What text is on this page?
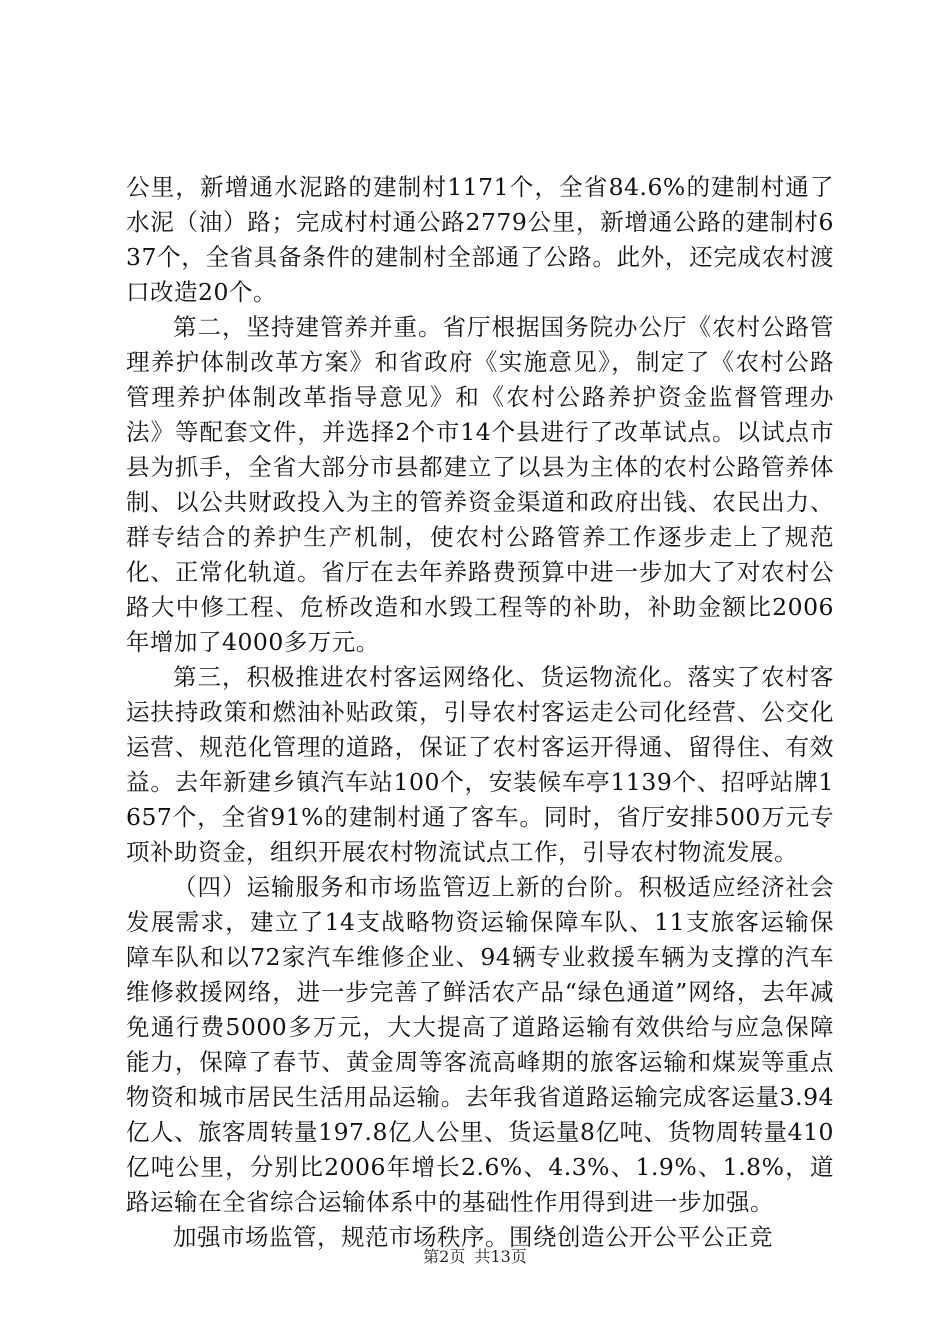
公里，新增通水泥路的建制村1171个，全省84.6%的建制村通了水泥（油）路；完成村村通公路2779公里，新增通公路的建制村637个，全省具备条件的建制村全部通了公路。此外，还完成农村渡口改造20个。

第二，坚持建管养并重。省厅根据国务院办公厅《农村公路管理养护体制改革方案》和省政府《实施意见》，制定了《农村公路管理养护体制改革指导意见》和《农村公路养护资金监督管理办法》等配套文件，并选择2个市14个县进行了改革试点。以试点市县为抓手，全省大部分市县都建立了以县为主体的农村公路管养体制、以公共财政投入为主的管养资金渠道和政府出钱、农民出力、群专结合的养护生产机制，使农村公路管养工作逐步走上了规范化、正常化轨道。省厅在去年养路费预算中进一步加大了对农村公路大中修工程、危桥改造和水毁工程等的补助，补助金额比2006年增加了4000多万元。

第三，积极推进农村客运网络化、货运物流化。落实了农村客运扶持政策和燃油补贴政策，引导农村客运走公司化经营、公交化运营、规范化管理的道路，保证了农村客运开得通、留得住、有效益。去年新建乡镇汽车站100个，安装候车亭1139个、招呼站牌1657个，全省91%的建制村通了客车。同时，省厅安排500万元专项补助资金，组织开展农村物流试点工作，引导农村物流发展。

（四）运输服务和市场监管迈上新的台阶。积极适应经济社会发展需求，建立了14支战略物资运输保障车队、11支旅客运输保障车队和以72家汽车维修企业、94辆专业救援车辆为支撑的汽车维修救援网络，进一步完善了鲜活农产品“绿色通道”网络，去年减免通行费5000多万元，大大提高了道路运输有效供给与应急保障能力，保障了春节、黄金周等客流高峰期的旅客运输和煤炭等重点物资和城市居民生活用品运输。去年我省道路运输完成客运量3.94亿人、旅客周转量197.8亿人公里、货运量8亿吨、货物周转量410亿吨公里，分别比2006年增长2.6%、4.3%、1.9%、1.8%，道路运输在全省综合运输体系中的基础性作用得到进一步加强。

加强市场监管，规范市场秩序。围绕创造公开公平公正竞

第2页 共13页
